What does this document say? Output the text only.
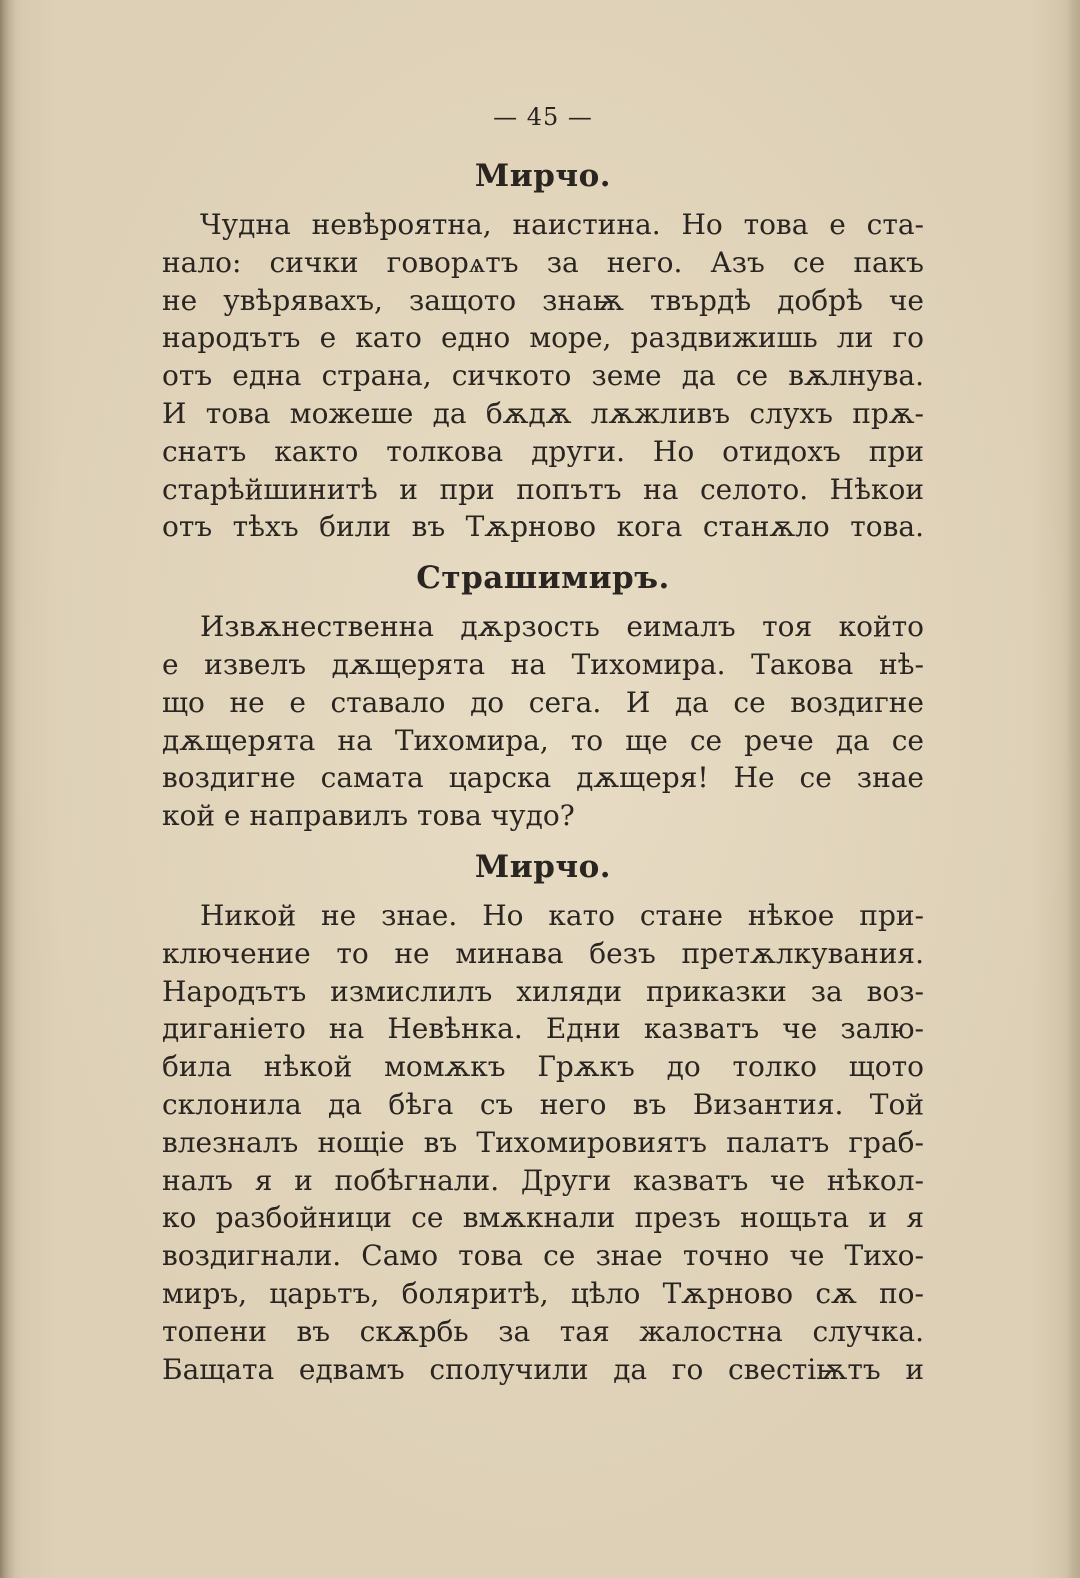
— 45 —
Мирчо.
Чудна невѣроятна, наистина. Но това е ста-
нало: сички говорѧтъ за него. Азъ се пакъ
не увѣрявахъ, защото знаѭ твърдѣ добрѣ че
народътъ е като едно море, раздвижишь ли го
отъ една страна, сичкото земе да се вѫлнува.
И това можеше да бѫдѫ лѫжливъ слухъ прѫ-
снатъ както толкова други. Но отидохъ при
старѣйшинитѣ и при попътъ на селото. Нѣкои
отъ тѣхъ били въ Тѫрново кога станѫло това.
Страшимиръ.
Извѫнественна дѫрзость еималъ тоя който
е извелъ дѫщерята на Тихомира. Такова нѣ-
що не е ставало до сега. И да се воздигне
дѫщерята на Тихомира, то ще се рече да се
воздигне самата царска дѫщеря! Не се знае
кой е направилъ това чудо?
Мирчо.
Никой не знае. Но като стане нѣкое при-
ключение то не минава безъ претѫлкувания.
Народътъ измислилъ хиляди приказки за воз-
диганіето на Невѣнка. Едни казватъ че залю-
била нѣкой момѫкъ Грѫкъ до толко щото
склонила да бѣга съ него въ Византия. Той
влезналъ нощіе въ Тихомировиятъ палатъ граб-
налъ я и побѣгнали. Други казватъ че нѣкол-
ко разбойници се вмѫкнали презъ нощьта и я
воздигнали. Само това се знае точно че Тихо-
миръ, царьтъ, боляритѣ, цѣло Тѫрново сѫ по-
топени въ скѫрбь за тая жалостна случка.
Бащата едвамъ сполучили да го свестіѭтъ и
